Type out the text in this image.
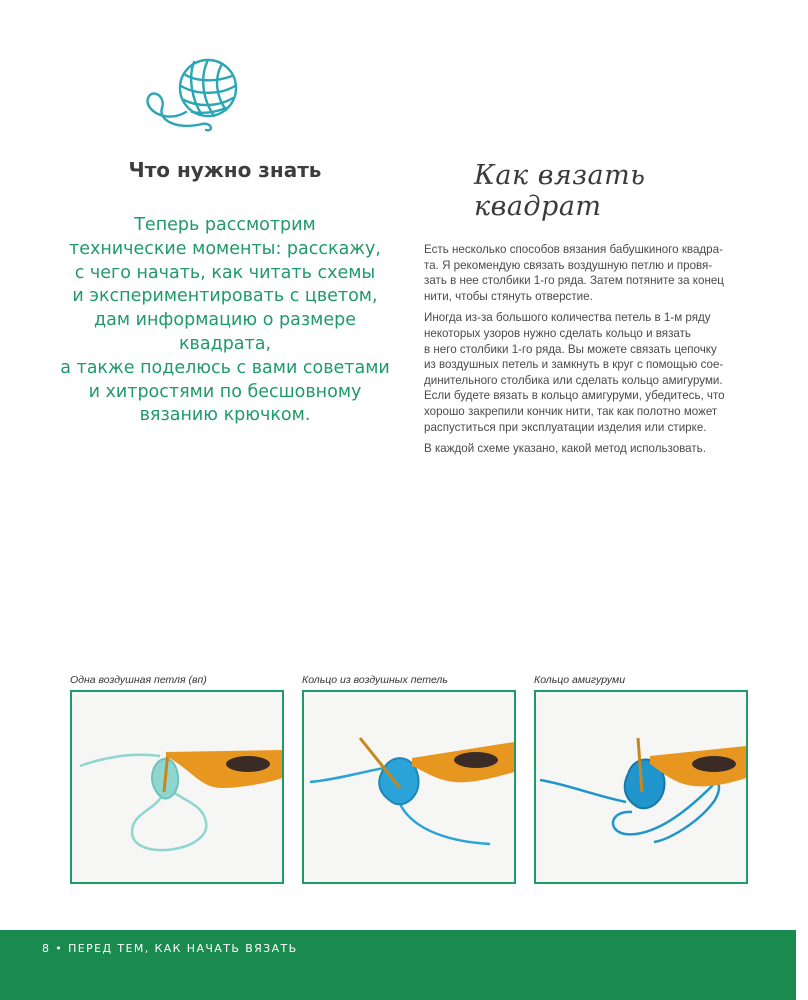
Что нужно знать
Теперь рассмотрим
технические моменты: расскажу,
с чего начать, как читать схемы
и экспериментировать с цветом,
дам информацию о размере квадрата,
а также поделюсь с вами советами
и хитростями по бесшовному
вязанию крючком.
Как вязать квадрат

Есть несколько способов вязания бабушкиного квадра-
та. Я рекомендую связать воздушную петлю и провя-
зать в нее столбики 1-го ряда. Затем потяните за конец
нити, чтобы стянуть отверстие.

Иногда из-за большого количества петель в 1-м ряду
некоторых узоров нужно сделать кольцо и вязать
в него столбики 1-го ряда. Вы можете связать цепочку
из воздушных петель и замкнуть в круг с помощью сое-
динительного столбика или сделать кольцо амигуруми.
Если будете вязать в кольцо амигуруми, убедитесь, что
хорошо закрепили кончик нити, так как полотно может
распуститься при эксплуатации изделия или стирке.

В каждой схеме указано, какой метод использовать.

Одна воздушная петля (вп)	Кольцо из воздушных петель	Кольцо амигуруми
8 • ПЕРЕД ТЕМ, КАК НАЧАТЬ ВЯЗАТЬ
